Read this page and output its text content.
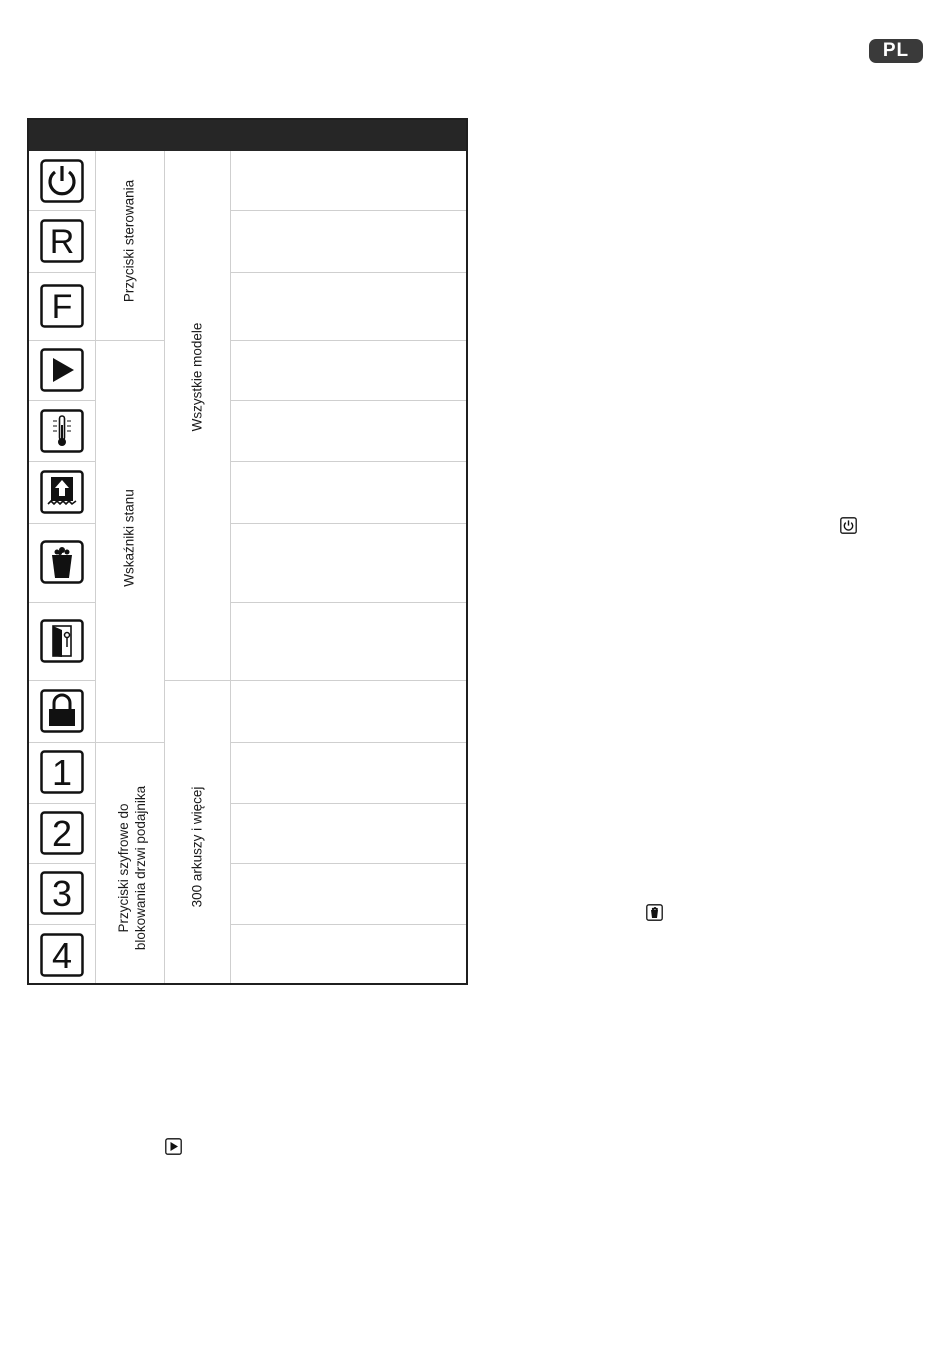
PL
R
F
1
2
3
4
Przyciski sterowania
Wskaźniki stanu
Przyciski szyfrowe do blokowania drzwi podajnika
Wszystkie modele
300 arkuszy i więcej
